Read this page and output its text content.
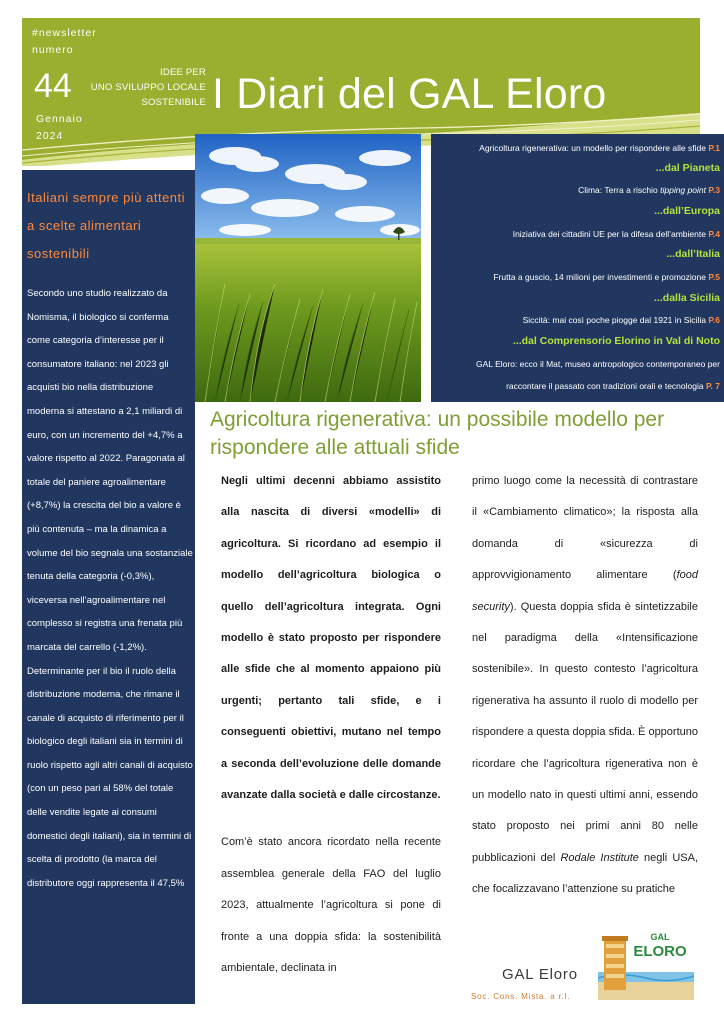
#newsletter
numero
44
Gennaio
2024
IDEE PER
UNO SVILUPPO LOCALE
SOSTENIBILE I Diari del GAL Eloro
Italiani sempre più attenti a scelte alimentari sostenibili
Secondo uno studio realizzato da Nomisma, il biologico si conferma come categoria d’interesse per il consumatore italiano: nel 2023 gli acquisti bio nella distribuzione moderna si attestano a 2,1 miliardi di euro, con un incremento del +4,7% a valore rispetto al 2022. Paragonata al totale del paniere agroalimentare (+8,7%) la crescita del bio a valore è più contenuta – ma la dinamica a volume del bio segnala una sostanziale tenuta della categoria (-0,3%), viceversa nell’agroalimentare nel complesso si registra una frenata più marcata del carrello (-1,2%). Determinante per il bio il ruolo della distribuzione moderna, che rimane il canale di acquisto di riferimento per il biologico degli italiani sia in termini di ruolo rispetto agli altri canali di acquisto (con un peso pari al 58% del totale delle vendite legate ai consumi domestici degli italiani), sia in termini di scelta di prodotto (la marca del distributore oggi rappresenta il 47,5%
Agricoltura rigenerativa: un modello per rispondere alle sfide P.1
...dal Pianeta
Clima: Terra a rischio tipping point P.3
...dall’Europa
Iniziativa dei cittadini UE per la difesa dell’ambiente P.4
...dall’Italia
Frutta a guscio, 14 milioni per investimenti e promozione P.5
...dalla Sicilia
Siccità: mai così poche piogge dal 1921 in Sicilia P.6
...dal Comprensorio Elorino in Val di Noto
GAL Eloro: ecco il Mat, museo antropologico contemporaneo per
raccontare il passato con tradizioni orali e tecnologia P. 7
Agricoltura rigenerativa: un possibile modello per rispondere alle attuali sfide

Negli ultimi decenni abbiamo assistito alla nascita di diversi «modelli» di agricoltura. Si ricordano ad esempio il modello dell’agricoltura biologica o quello dell’agricoltura integrata. Ogni modello è stato proposto per rispondere alle sfide che al momento appaiono più urgenti; pertanto tali sfide, e i conseguenti obiettivi, mutano nel tempo a seconda dell’evoluzione delle domande avanzate dalla società e dalle circostanze.

Com’è stato ancora ricordato nella recente assemblea generale della FAO del luglio 2023, attualmente l’agricoltura si pone di fronte a una doppia sfida: la sostenibilità ambientale, declinata in

primo luogo come la necessità di contrastare il «Cambiamento climatico»; la risposta alla domanda di «sicurezza di approvvigionamento alimentare (food security). Questa doppia sfida è sintetizzabile nel paradigma della «Intensificazione sostenibile». In questo contesto l’agricoltura rigenerativa ha assunto il ruolo di modello per rispondere a questa doppia sfida. È opportuno ricordare che l’agricoltura rigenerativa non è un modello nato in questi ultimi anni, essendo stato proposto nei primi anni 80 nelle pubblicazioni del Rodale Institute negli USA, che focalizzavano l’attenzione su pratiche
GAL Eloro
Soc. Cons. Mista. a r.l.
GAL
ELORO
